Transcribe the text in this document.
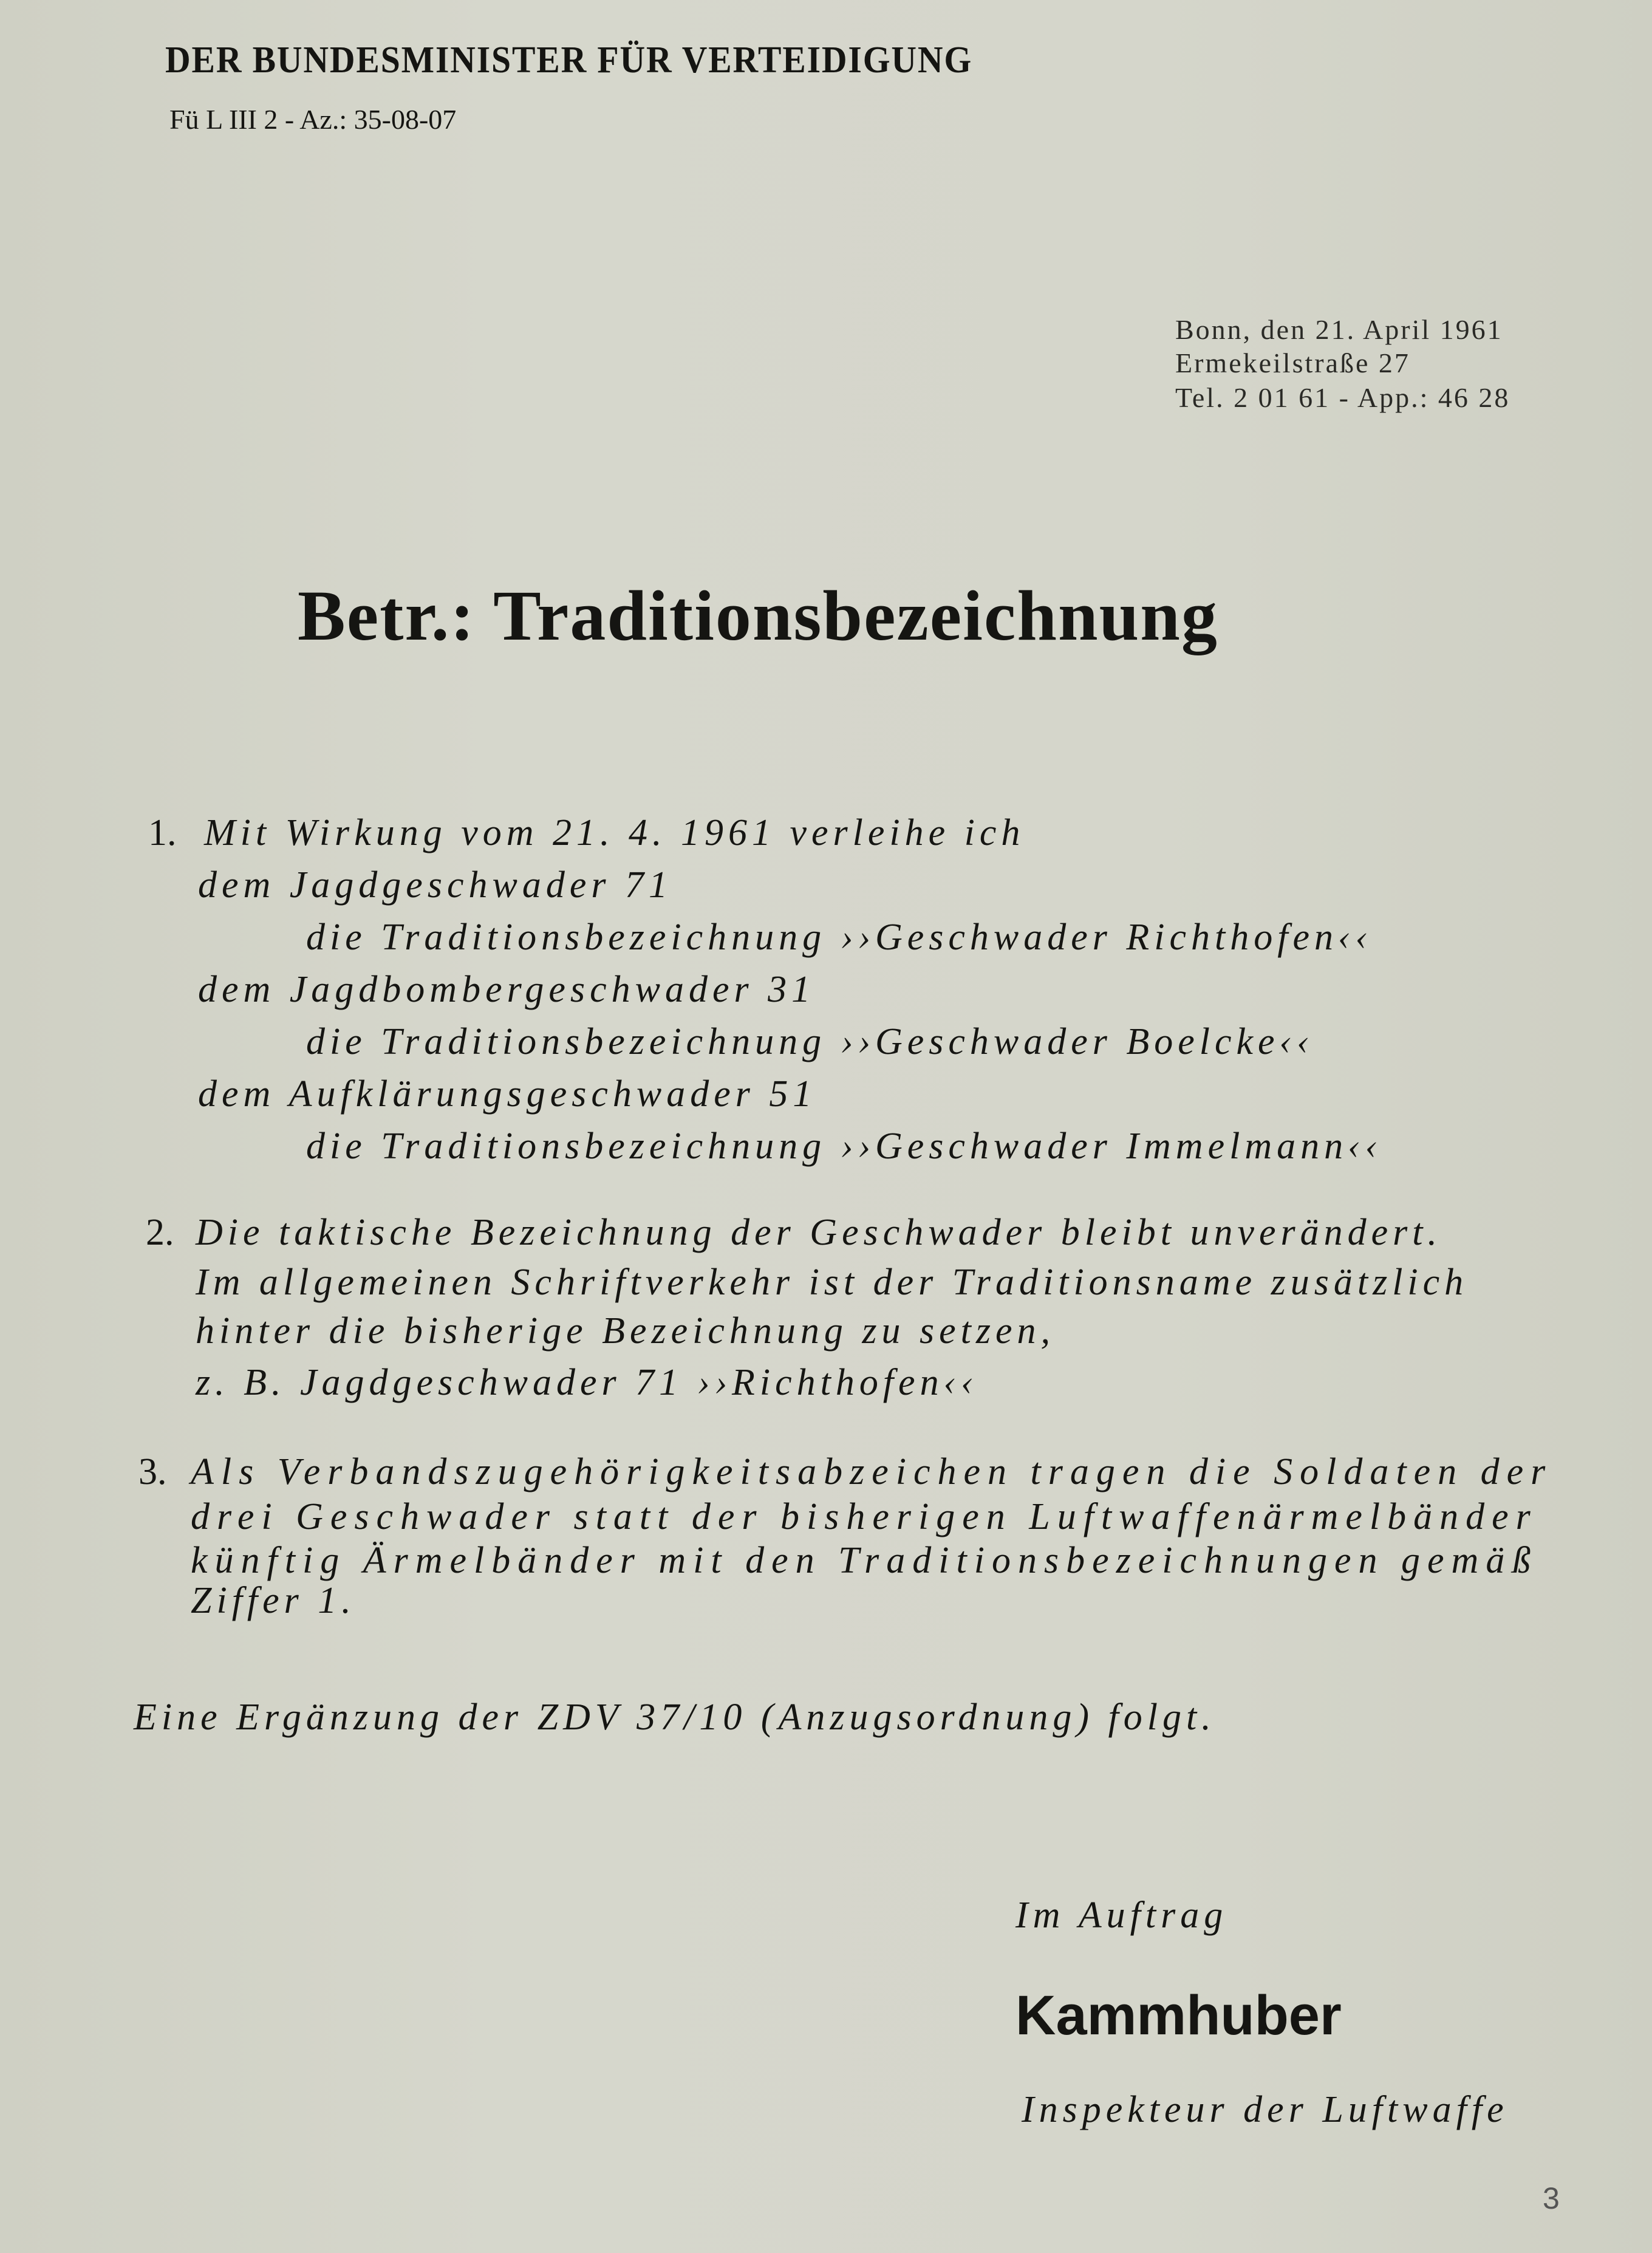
DER BUNDESMINISTER FÜR VERTEIDIGUNG
Fü L III 2 - Az.: 35-08-07
Bonn, den 21. April 1961
Ermekeilstraße 27
Tel. 2 01 61 - App.: 46 28
Betr.: Traditionsbezeichnung
1. Mit Wirkung vom 21. 4. 1961 verleihe ich
dem Jagdgeschwader 71
die Traditionsbezeichnung ››Geschwader Richthofen‹‹
dem Jagdbombergeschwader 31
die Traditionsbezeichnung ››Geschwader Boelcke‹‹
dem Aufklärungsgeschwader 51
die Traditionsbezeichnung ››Geschwader Immelmann‹‹
2. Die taktische Bezeichnung der Geschwader bleibt unverändert.
Im allgemeinen Schriftverkehr ist der Traditionsname zusätzlich
hinter die bisherige Bezeichnung zu setzen,
z. B. Jagdgeschwader 71 ››Richthofen‹‹
3. Als Verbandszugehörigkeitsabzeichen tragen die Soldaten der
drei Geschwader statt der bisherigen Luftwaffenärmelbänder
künftig Ärmelbänder mit den Traditionsbezeichnungen gemäß
Ziffer 1.
Eine Ergänzung der ZDV 37/10 (Anzugsordnung) folgt.
Im Auftrag
Kammhuber
Inspekteur der Luftwaffe
3
